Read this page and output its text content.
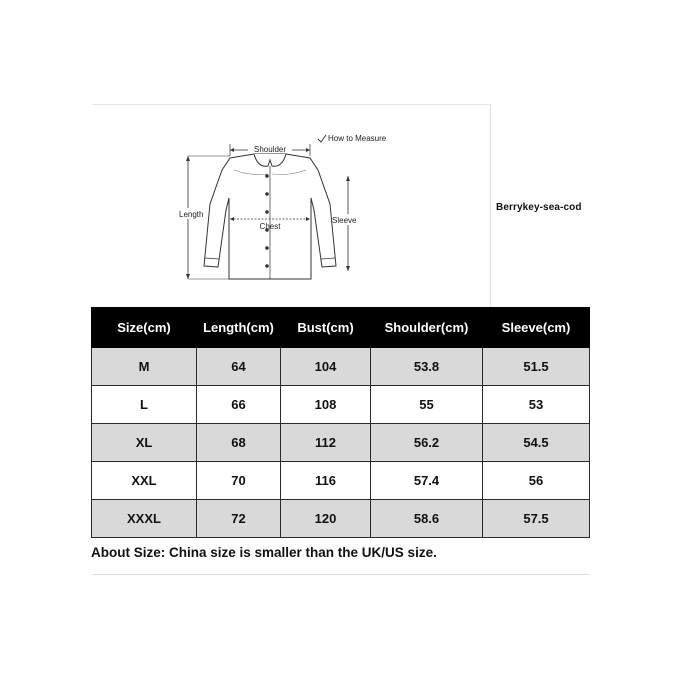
How to Measure
Shoulder
Length
Sleeve
Chest
Berrykey-sea-cod
Size(cm)	Length(cm)	Bust(cm)	Shoulder(cm)	Sleeve(cm)
M	64	104	53.8	51.5
L	66	108	55	53
XL	68	112	56.2	54.5
XXL	70	116	57.4	56
XXXL	72	120	58.6	57.5
About Size: China size is smaller than the UK/US size.
